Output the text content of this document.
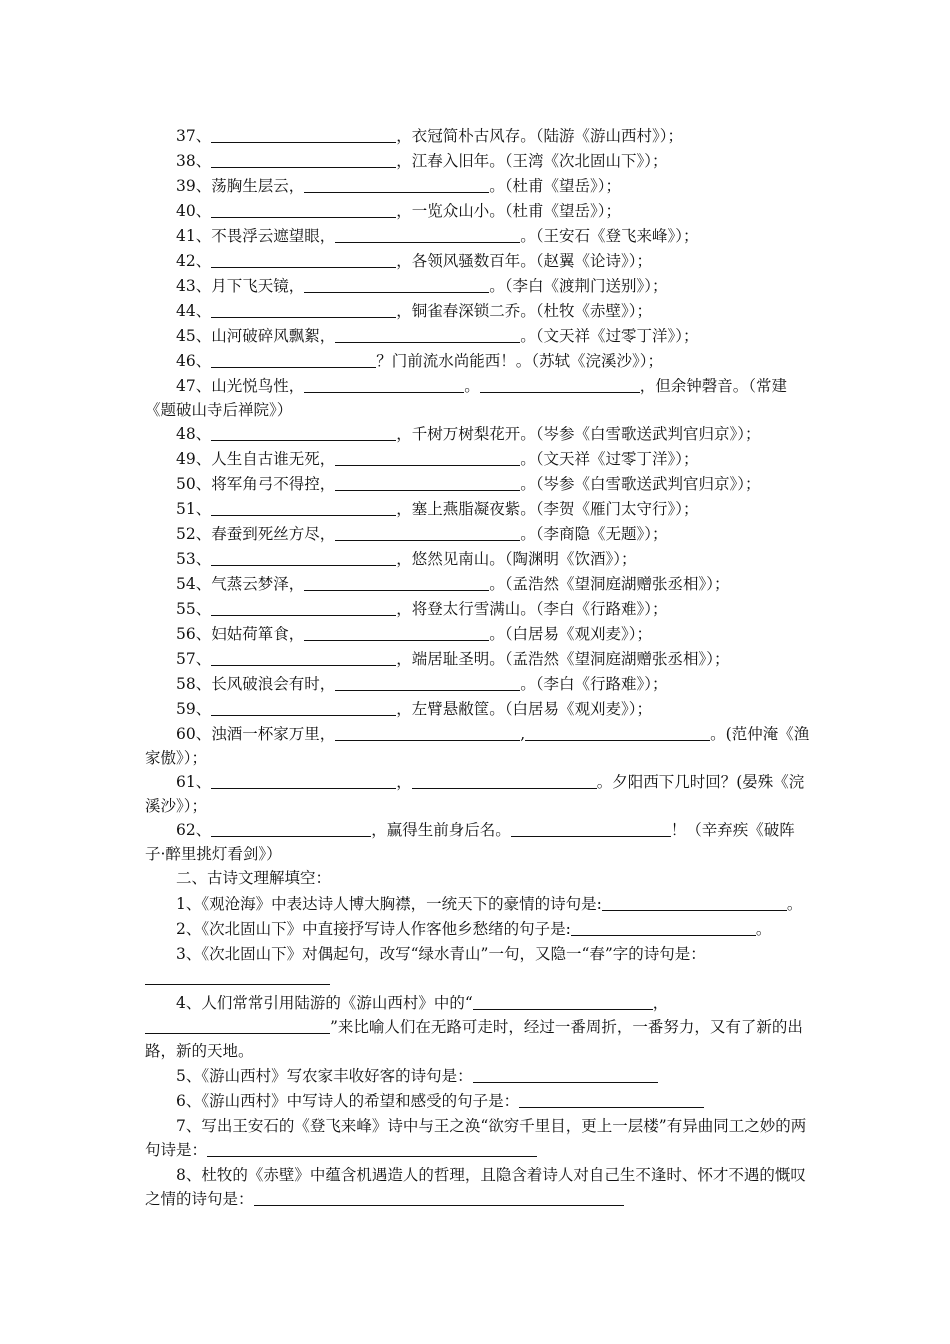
37、	，衣冠简朴古风存。（陆游《游山西村》）；
38、	，江春入旧年。（王湾《次北固山下》）；
39、荡胸生层云，	。（杜甫《望岳》）；
40、	，一览众山小。（杜甫《望岳》）；
41、不畏浮云遮望眼，	。（王安石《登飞来峰》）；
42、	，各领风骚数百年。（赵翼《论诗》）；
43、月下飞天镜，	。（李白《渡荆门送别》）；
44、	，铜雀春深锁二乔。（杜牧《赤壁》）；
45、山河破碎风飘絮，	。（文天祥《过零丁洋》）；
46、	？门前流水尚能西！。（苏轼《浣溪沙》）；
47、山光悦鸟性，	。	，但余钟磬音。（常建《题破山寺后禅院》）
48、	，千树万树梨花开。（岑参《白雪歌送武判官归京》）；
49、人生自古谁无死，	。（文天祥《过零丁洋》）；
50、将军角弓不得控，	。（岑参《白雪歌送武判官归京》）；
51、	，塞上燕脂凝夜紫。（李贺《雁门太守行》）；
52、春蚕到死丝方尽，	。（李商隐《无题》）；
53、	，悠然见南山。（陶渊明《饮酒》）；
54、气蒸云梦泽，	。（孟浩然《望洞庭湖赠张丞相》）；
55、	，将登太行雪满山。（李白《行路难》）；
56、妇姑荷箪食，	。（白居易《观刈麦》）；
57、	，端居耻圣明。（孟浩然《望洞庭湖赠张丞相》）；
58、长风破浪会有时，	。（李白《行路难》）；
59、	，左臂悬敝筐。（白居易《观刈麦》）；
60、浊酒一杯家万里，	,	。(范仲淹《渔家傲》）；
61、	，	。夕阳西下几时回？(晏殊《浣溪沙》）；
62、	，赢得生前身后名。	！（辛弃疾《破阵子·醉里挑灯看剑》）
二、古诗文理解填空：
1、《观沧海》中表达诗人博大胸襟，一统天下的豪情的诗句是:	。
2、《次北固山下》中直接抒写诗人作客他乡愁绪的句子是:	。
3、《次北固山下》对偶起句，改写“绿水青山”一句，又隐一“春”字的诗句是：
4、人们常常引用陆游的《游山西村》中的“	，”来比喻人们在无路可走时，经过一番周折，一番努力，又有了新的出路，新的天地。
5、《游山西村》写农家丰收好客的诗句是：
6、《游山西村》中写诗人的希望和感受的句子是：
7、写出王安石的《登飞来峰》诗中与王之涣“欲穷千里目，更上一层楼”有异曲同工之妙的两句诗是：
8、杜牧的《赤壁》中蕴含机遇造人的哲理，且隐含着诗人对自己生不逢时、怀才不遇的慨叹之情的诗句是：
